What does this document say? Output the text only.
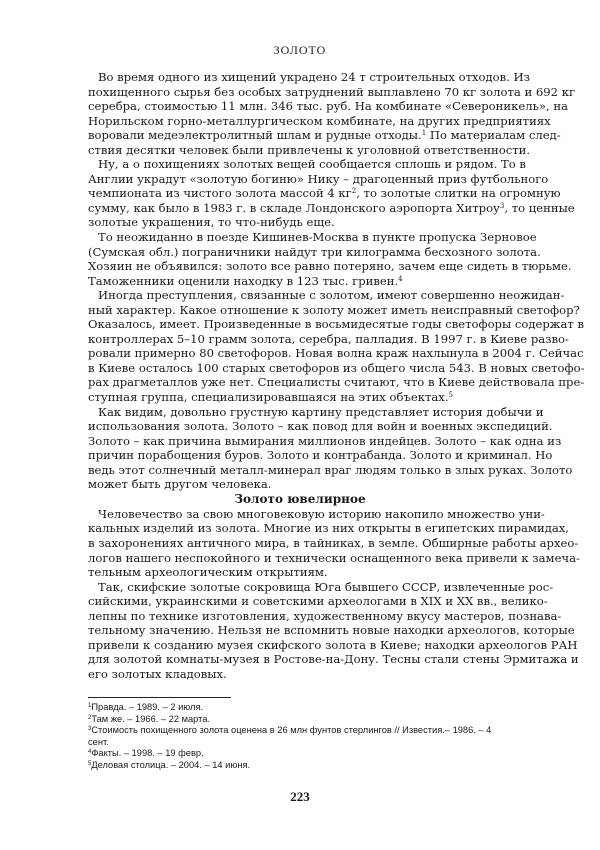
ЗОЛОТО
Во время одного из хищений украдено 24 т строительных отходов. Из
похищенного сырья без особых затруднений выплавлено 70 кг золота и 692 кг
серебра, стоимостью 11 млн. 346 тыс. руб. На комбинате «Североникель», на
Норильском горно-металлургическом комбинате, на других предприятиях
воровали медеэлектролитный шлам и рудные отходы.$^1$ По материалам след-
ствия десятки человек были привлечены к уголовной ответственности.
Ну, а о похищениях золотых вещей сообщается сплошь и рядом. То в
Англии украдут «золотую богиню» Нику – драгоценный приз футбольного
чемпионата из чистого золота массой 4 $кг^2$, то золотые слитки на огромную
сумму, как было в 1983 г. в складе Лондонского аэропорта Хитроу$^3$, то ценные
золотые украшения, то что-нибудь еще.
То неожиданно в поезде Кишинев-Москва в пункте пропуска Зерновое
(Сумская обл.) пограничники найдут три килограмма бесхозного золота.
Хозяин не объявился: золото все равно потеряно, зачем еще сидеть в тюрьме.
Таможенники оценили находку в 123 тыс. гривен.$^4$
Иногда преступления, связанные с золотом, имеют совершенно неожидан-
ный характер. Какое отношение к золоту может иметь неисправный светофор?
Оказалось, имеет. Произведенные в восьмидесятые годы светофоры содержат в
контроллерах 5–10 грамм золота, серебра, палладия. В 1997 г. в Киеве разво-
ровали примерно 80 светофоров. Новая волна краж нахлынула в 2004 г. Сейчас
в Киеве осталось 100 старых светофоров из общего числа 543. В новых светофо-
рах драгметаллов уже нет. Специалисты считают, что в Киеве действовала пре-
ступная группа, специализировавшаяся на этих объектах.$^5$
Как видим, довольно грустную картину представляет история добычи и
использования золота. Золото – как повод для войн и военных экспедиций.
Золото – как причина вымирания миллионов индейцев. Золото – как одна из
причин порабощения буров. Золото и контрабанда. Золото и криминал. Но
ведь этот солнечный металл-минерал враг людям только в злых руках. Золото
может быть другом человека.
Золото ювелирное
Человечество за свою многовековую историю накопило множество уни-
кальных изделий из золота. Многие из них открыты в египетских пирамидах,
в захоронениях античного мира, в тайниках, в земле. Обширные работы архео-
логов нашего неспокойного и технически оснащенного века привели к замеча-
тельным археологическим открытиям.
Так, скифские золотые сокровища Юга бывшего СССР, извлеченные рос-
сийскими, украинскими и советскими археологами в XIX и XX вв., велико-
лепны по технике изготовления, художественному вкусу мастеров, познава-
тельному значению. Нельзя не вспомнить новые находки археологов, которые
привели к созданию музея скифского золота в Киеве; находки археологов РАН
для золотой комнаты-музея в Ростове-на-Дону. Тесны стали стены Эрмитажа и
его золотых кладовых.
$^1$Правда. – 1989. – 2 июля.
$^2$Там же. – 1966. – 22 марта.
$^3$Стоимость похищенного золота оценена в 26 млн фунтов стерлингов // Известия.– 1986. – 4 сент.
$^4$Факты. – 1998. – 19 февр.
$^5$Деловая столица. – 2004. – 14 июня.
223
